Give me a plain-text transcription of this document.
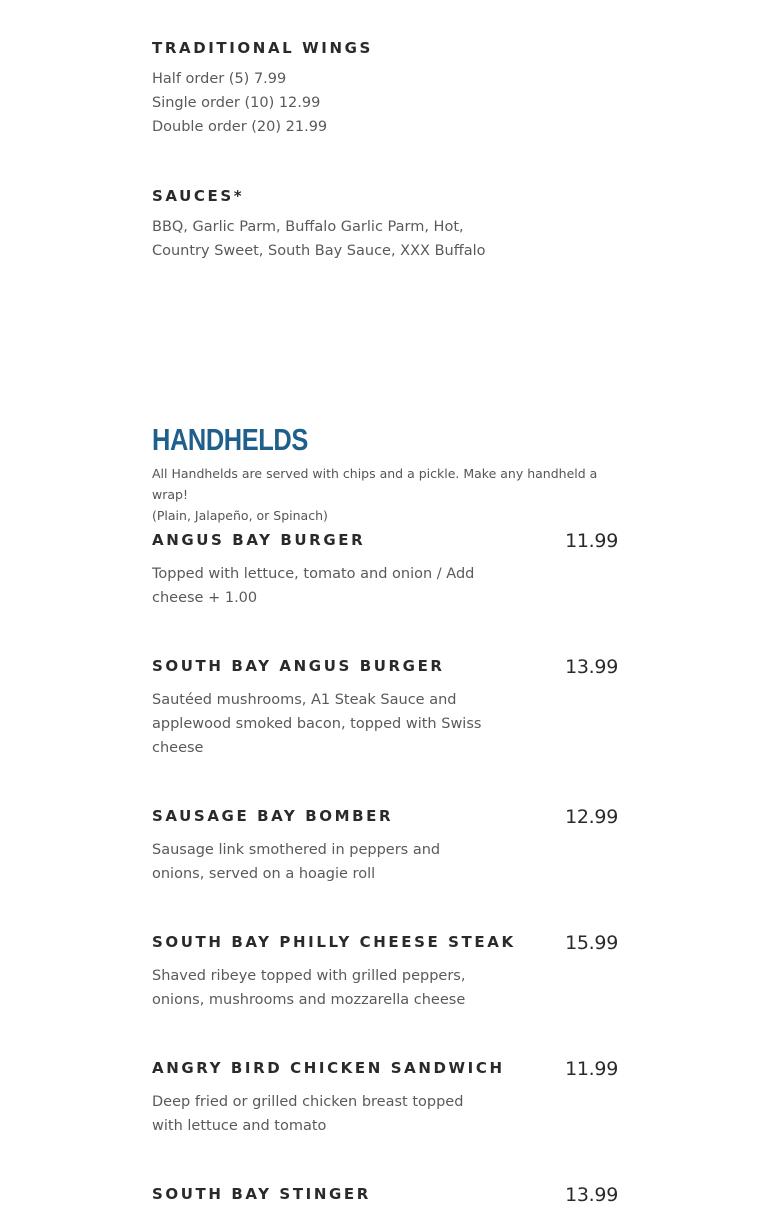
TRADITIONAL WINGS
Half order (5) 7.99
Single order (10) 12.99
Double order (20) 21.99
SAUCES*
BBQ, Garlic Parm, Buffalo Garlic Parm, Hot,
Country Sweet, South Bay Sauce, XXX Buffalo
HANDHELDS
All Handhelds are served with chips and a pickle. Make any handheld a wrap!
(Plain, Jalapeño, or Spinach)
ANGUS BAY BURGER	11.99

Topped with lettuce, tomato and onion / Add cheese + 1.00

SOUTH BAY ANGUS BURGER	13.99

Sautéed mushrooms, A1 Steak Sauce and applewood smoked bacon, topped with Swiss cheese

SAUSAGE BAY BOMBER	12.99

Sausage link smothered in peppers and onions, served on a hoagie roll

SOUTH BAY PHILLY CHEESE STEAK	15.99

Shaved ribeye topped with grilled peppers, onions, mushrooms and mozzarella cheese

ANGRY BIRD CHICKEN SANDWICH	11.99

Deep fried or grilled chicken breast topped with lettuce and tomato

SOUTH BAY STINGER	13.99
